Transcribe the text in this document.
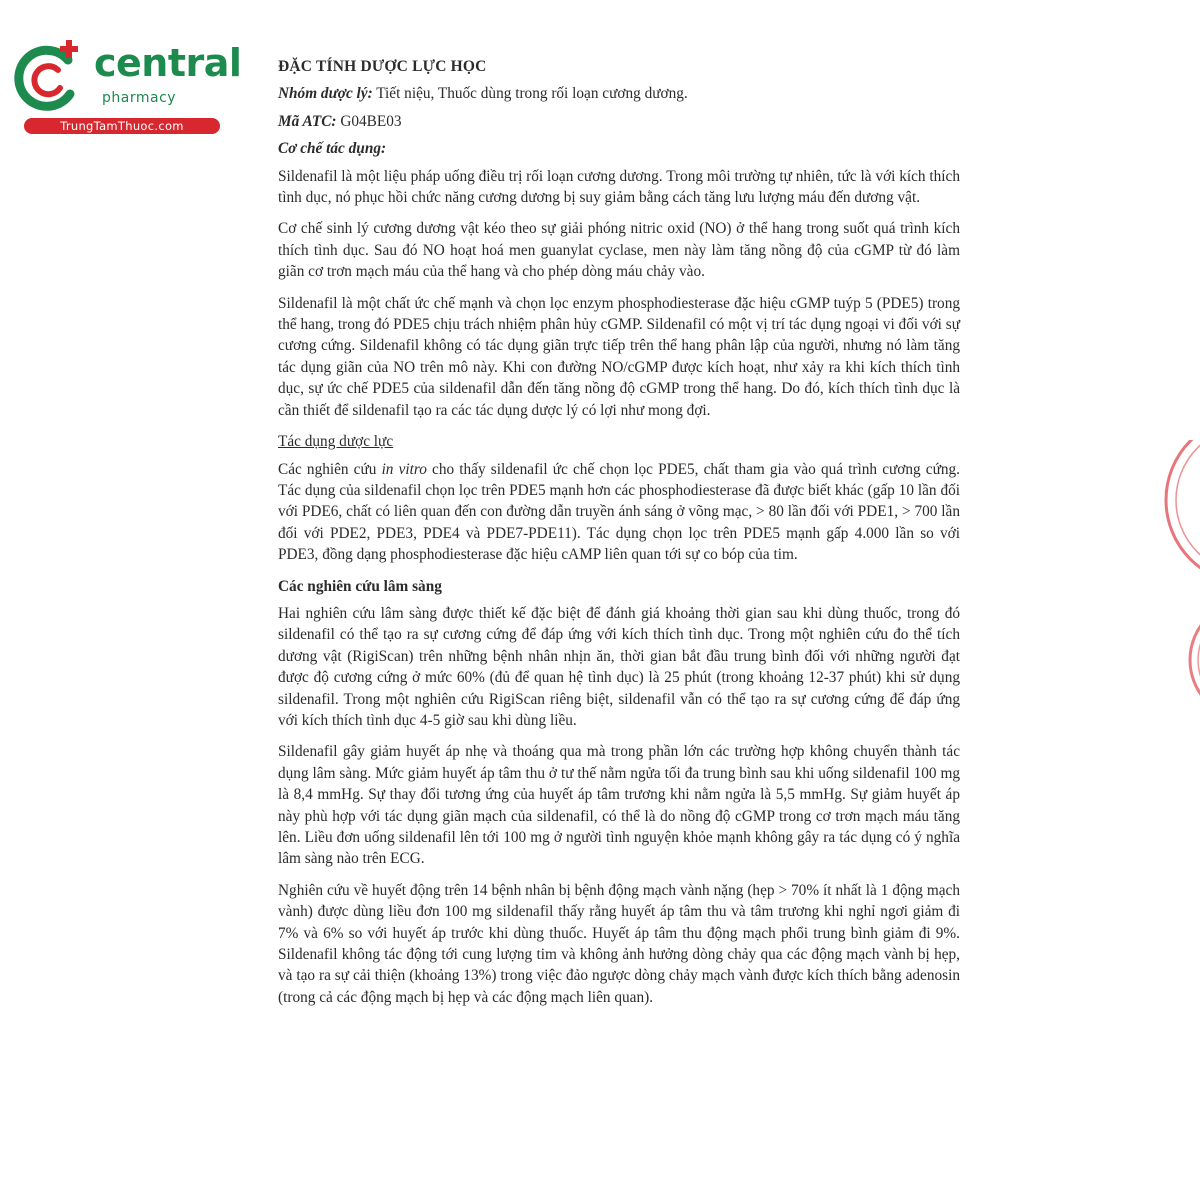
central
pharmacy
TrungTamThuoc.com
ĐẶC TÍNH DƯỢC LỰC HỌC
Nhóm dược lý: Tiết niệu, Thuốc dùng trong rối loạn cương dương.
Mã ATC: G04BE03
Cơ chế tác dụng:

Sildenafil là một liệu pháp uống điều trị rối loạn cương dương. Trong môi trường tự nhiên, tức là với kích thích tình dục, nó phục hồi chức năng cương dương bị suy giảm bằng cách tăng lưu lượng máu đến dương vật.

Cơ chế sinh lý cương dương vật kéo theo sự giải phóng nitric oxid (NO) ở thể hang trong suốt quá trình kích thích tình dục. Sau đó NO hoạt hoá men guanylat cyclase, men này làm tăng nồng độ của cGMP từ đó làm giãn cơ trơn mạch máu của thể hang và cho phép dòng máu chảy vào.

Sildenafil là một chất ức chế mạnh và chọn lọc enzym phosphodiesterase đặc hiệu cGMP tuýp 5 (PDE5) trong thể hang, trong đó PDE5 chịu trách nhiệm phân hủy cGMP. Sildenafil có một vị trí tác dụng ngoại vi đối với sự cương cứng. Sildenafil không có tác dụng giãn trực tiếp trên thể hang phân lập của người, nhưng nó làm tăng tác dụng giãn của NO trên mô này. Khi con đường NO/cGMP được kích hoạt, như xảy ra khi kích thích tình dục, sự ức chế PDE5 của sildenafil dẫn đến tăng nồng độ cGMP trong thể hang. Do đó, kích thích tình dục là cần thiết để sildenafil tạo ra các tác dụng dược lý có lợi như mong đợi.

Tác dụng dược lực

Các nghiên cứu in vitro cho thấy sildenafil ức chế chọn lọc PDE5, chất tham gia vào quá trình cương cứng. Tác dụng của sildenafil chọn lọc trên PDE5 mạnh hơn các phosphodiesterase đã được biết khác (gấp 10 lần đối với PDE6, chất có liên quan đến con đường dẫn truyền ánh sáng ở võng mạc, > 80 lần đối với PDE1, > 700 lần đối với PDE2, PDE3, PDE4 và PDE7-PDE11). Tác dụng chọn lọc trên PDE5 mạnh gấp 4.000 lần so với PDE3, đồng dạng phosphodiesterase đặc hiệu cAMP liên quan tới sự co bóp của tim.

Các nghiên cứu lâm sàng

Hai nghiên cứu lâm sàng được thiết kế đặc biệt để đánh giá khoảng thời gian sau khi dùng thuốc, trong đó sildenafil có thể tạo ra sự cương cứng để đáp ứng với kích thích tình dục. Trong một nghiên cứu đo thể tích dương vật (RigiScan) trên những bệnh nhân nhịn ăn, thời gian bắt đầu trung bình đối với những người đạt được độ cương cứng ở mức 60% (đủ để quan hệ tình dục) là 25 phút (trong khoảng 12-37 phút) khi sử dụng sildenafil. Trong một nghiên cứu RigiScan riêng biệt, sildenafil vẫn có thể tạo ra sự cương cứng để đáp ứng với kích thích tình dục 4-5 giờ sau khi dùng liều.

Sildenafil gây giảm huyết áp nhẹ và thoáng qua mà trong phần lớn các trường hợp không chuyển thành tác dụng lâm sàng. Mức giảm huyết áp tâm thu ở tư thế nằm ngửa tối đa trung bình sau khi uống sildenafil 100 mg là 8,4 mmHg. Sự thay đổi tương ứng của huyết áp tâm trương khi nằm ngửa là 5,5 mmHg. Sự giảm huyết áp này phù hợp với tác dụng giãn mạch của sildenafil, có thể là do nồng độ cGMP trong cơ trơn mạch máu tăng lên. Liều đơn uống sildenafil lên tới 100 mg ở người tình nguyện khỏe mạnh không gây ra tác dụng có ý nghĩa lâm sàng nào trên ECG.

Nghiên cứu về huyết động trên 14 bệnh nhân bị bệnh động mạch vành nặng (hẹp > 70% ít nhất là 1 động mạch vành) được dùng liều đơn 100 mg sildenafil thấy rằng huyết áp tâm thu và tâm trương khi nghỉ ngơi giảm đi 7% và 6% so với huyết áp trước khi dùng thuốc. Huyết áp tâm thu động mạch phổi trung bình giảm đi 9%. Sildenafil không tác động tới cung lượng tim và không ảnh hưởng dòng chảy qua các động mạch vành bị hẹp, và tạo ra sự cải thiện (khoảng 13%) trong việc đảo ngược dòng chảy mạch vành được kích thích bằng adenosin (trong cả các động mạch bị hẹp và các động mạch liên quan).
